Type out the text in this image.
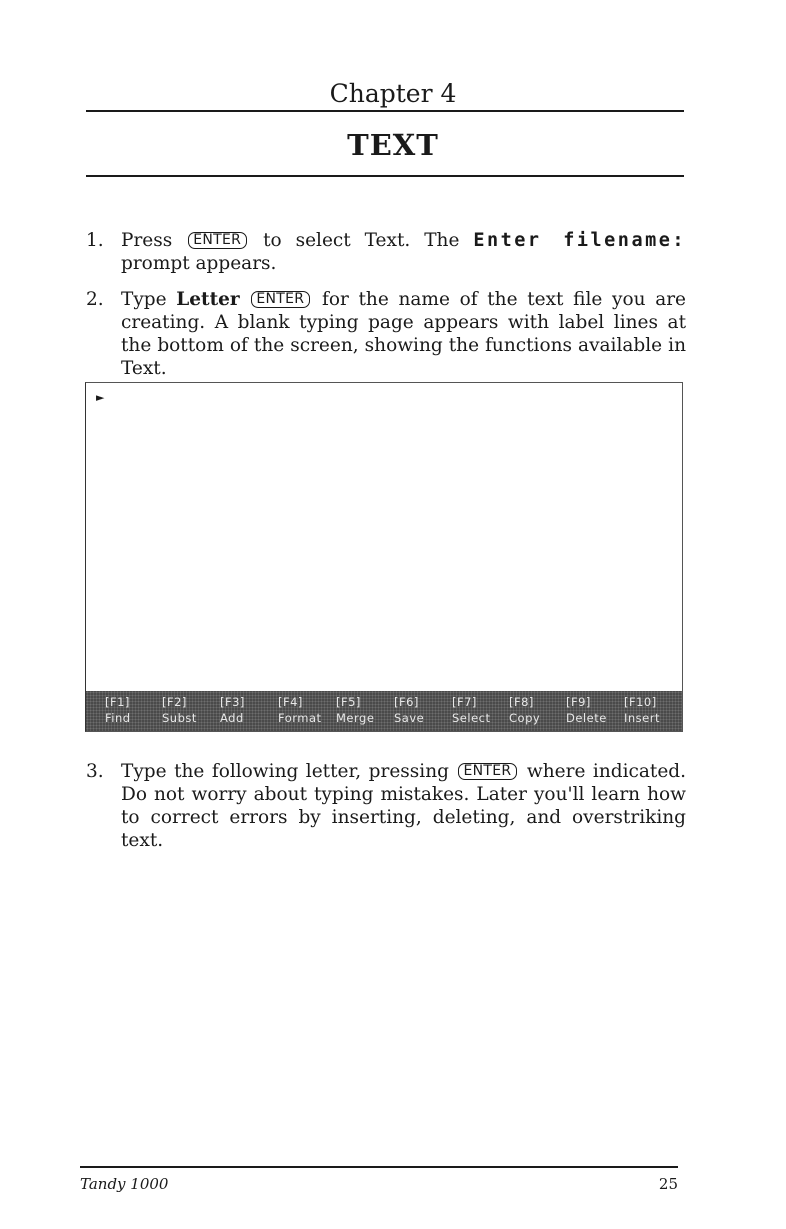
Chapter 4
TEXT
1. Press ENTER to select Text. The Enter filename: prompt appears.
2. Type Letter ENTER for the name of the text file you are creating. A blank typing page appears with label lines at the bottom of the screen, showing the functions available in Text.
►
[F1]
Find
[F2]
Subst
[F3]
Add
[F4]
Format
[F5]
Merge
[F6]
Save
[F7]
Select
[F8]
Copy
[F9]
Delete
[F10]
Insert
3. Type the following letter, pressing ENTER where indicated. Do not worry about typing mistakes. Later you'll learn how to correct errors by inserting, deleting, and overstriking text.
Tandy 1000	25
